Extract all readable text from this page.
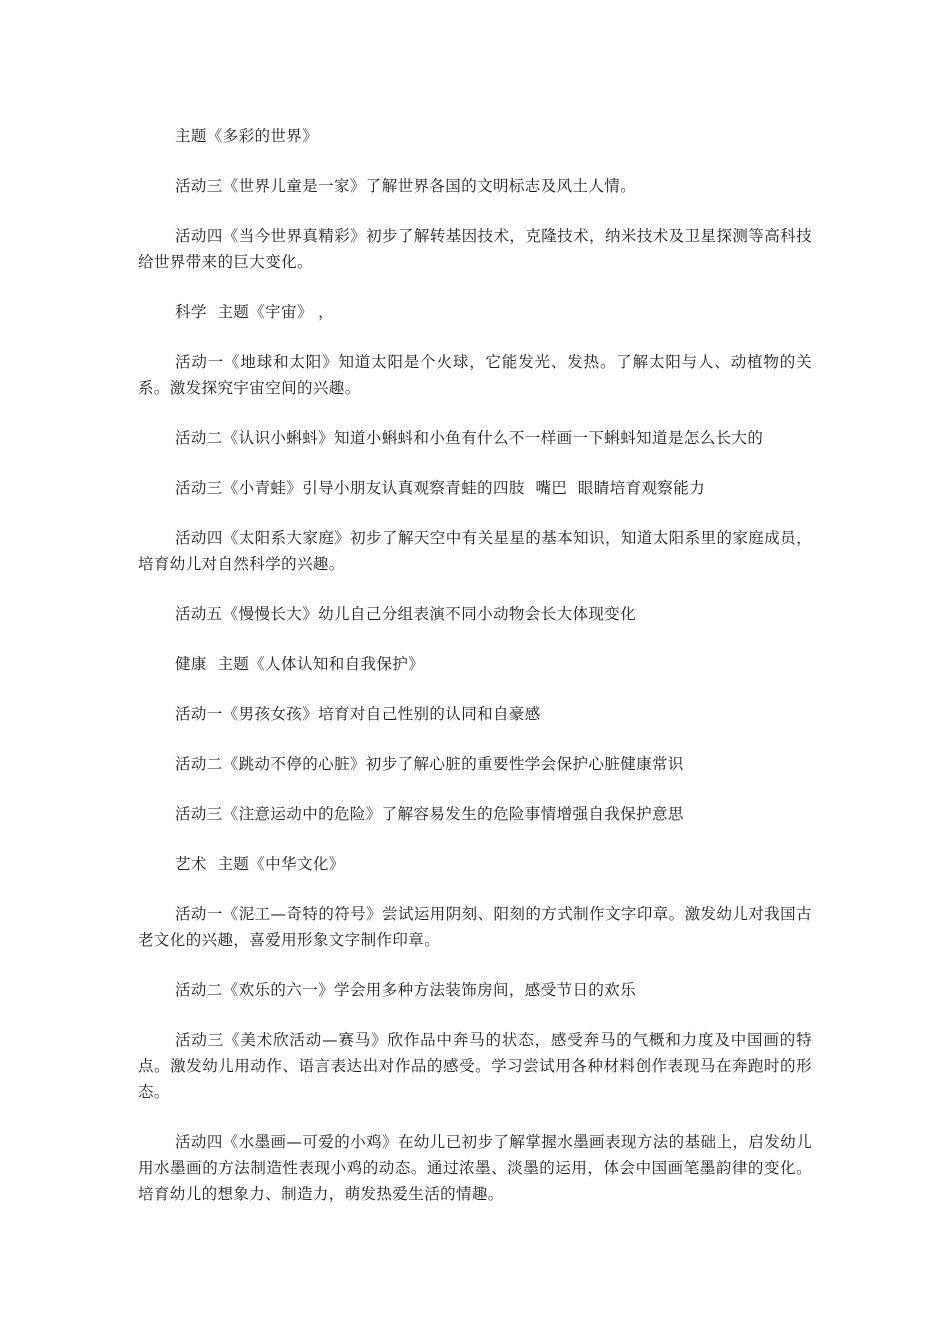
主题《多彩的世界》

活动三《世界儿童是一家》了解世界各国的文明标志及风土人情。

活动四《当今世界真精彩》初步了解转基因技术，克隆技术，纳米技术及卫星探测等高科技给世界带来的巨大变化。

科学  主题《宇宙》 ，

活动一《地球和太阳》知道太阳是个火球，它能发光、发热。了解太阳与人、动植物的关系。激发探究宇宙空间的兴趣。

活动二《认识小蝌蚪》知道小蝌蚪和小鱼有什么不一样画一下蝌蚪知道是怎么长大的

活动三《小青蛙》引导小朋友认真观察青蛙的四肢  嘴巴  眼睛培育观察能力

活动四《太阳系大家庭》初步了解天空中有关星星的基本知识，知道太阳系里的家庭成员，培育幼儿对自然科学的兴趣。

活动五《慢慢长大》幼儿自己分组表演不同小动物会长大体现变化

健康  主题《人体认知和自我保护》

活动一《男孩女孩》培育对自己性别的认同和自豪感

活动二《跳动不停的心脏》初步了解心脏的重要性学会保护心脏健康常识

活动三《注意运动中的危险》了解容易发生的危险事情增强自我保护意思

艺术  主题《中华文化》

活动一《泥工—奇特的符号》尝试运用阴刻、阳刻的方式制作文字印章。激发幼儿对我国古老文化的兴趣，喜爱用形象文字制作印章。

活动二《欢乐的六一》学会用多种方法装饰房间，感受节日的欢乐

活动三《美术欣活动—赛马》欣作品中奔马的状态，感受奔马的气概和力度及中国画的特点。激发幼儿用动作、语言表达出对作品的感受。学习尝试用各种材料创作表现马在奔跑时的形态。

活动四《水墨画—可爱的小鸡》在幼儿已初步了解掌握水墨画表现方法的基础上，启发幼儿用水墨画的方法制造性表现小鸡的动态。通过浓墨、淡墨的运用，体会中国画笔墨韵律的变化。培育幼儿的想象力、制造力，萌发热爱生活的情趣。
